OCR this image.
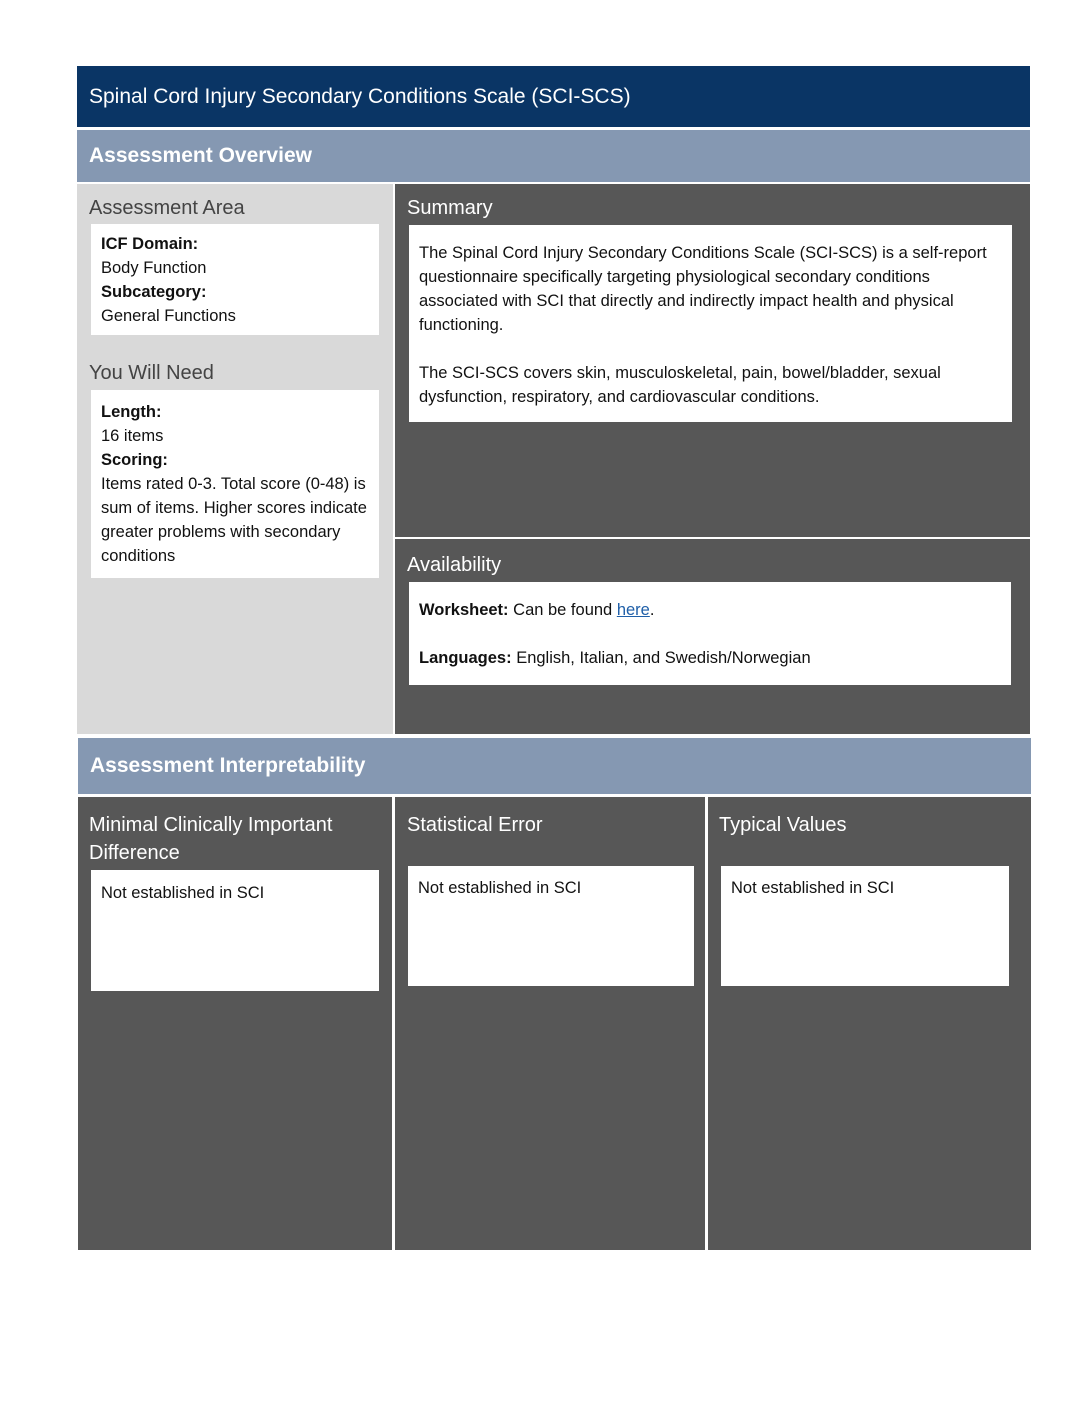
Spinal Cord Injury Secondary Conditions Scale (SCI-SCS)
Assessment Overview
Assessment Area

ICF Domain:

Body Function

Subcategory:

General Functions

You Will Need

Length:

16 items

Scoring:

Items rated 0-3. Total score (0-48) is sum of items. Higher scores indicate greater problems with secondary conditions

Summary

The Spinal Cord Injury Secondary Conditions Scale (SCI-SCS) is a self-report questionnaire specifically targeting physiological secondary conditions associated with SCI that directly and indirectly impact health and physical functioning.

The SCI-SCS covers skin, musculoskeletal, pain, bowel/bladder, sexual dysfunction, respiratory, and cardiovascular conditions.

Availability

Worksheet: Can be found here.

Languages: English, Italian, and Swedish/Norwegian

Assessment Interpretability
Minimal Clinically Important Difference

Not established in SCI

Statistical Error

Not established in SCI

Typical Values

Not established in SCI
